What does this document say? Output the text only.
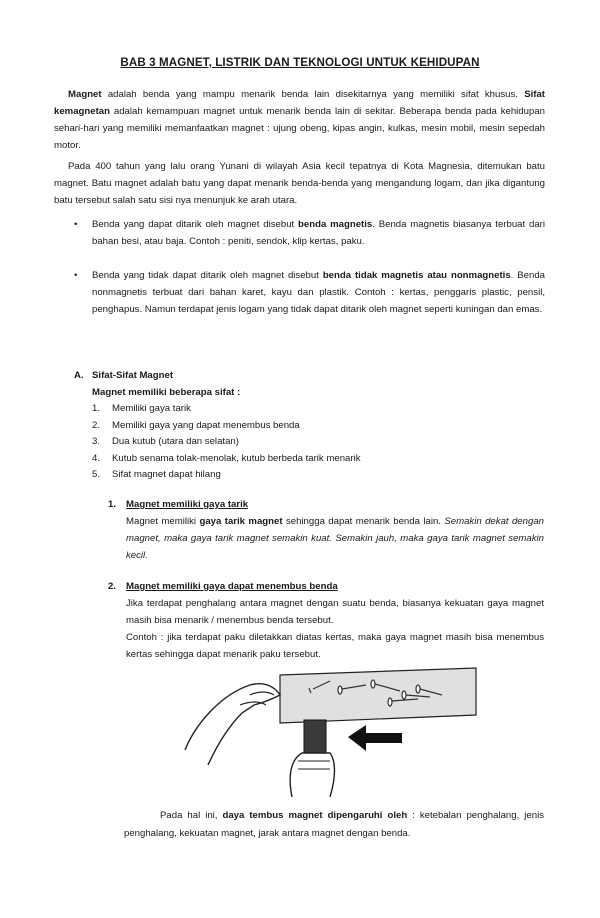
BAB 3 MAGNET, LISTRIK DAN TEKNOLOGI UNTUK KEHIDUPAN

Magnet adalah benda yang mampu menarik benda lain disekitarnya yang memiliki sifat khusus. Sifat kemagnetan adalah kemampuan magnet untuk menarik benda lain di sekitar. Beberapa benda pada kehidupan sehari-hari yang memiliki memanfaatkan magnet : ujung obeng, kipas angin, kulkas, mesin mobil, mesin sepedah motor.

Pada 400 tahun yang lalu orang Yunani di wilayah Asia kecil tepatnya di Kota Magnesia, ditemukan batu magnet. Batu magnet adalah batu yang dapat menarik benda-benda yang mengandung logam, dan jika digantung batu tersebut salah satu sisi nya menunjuk ke arah utara.

• Benda yang dapat ditarik oleh magnet disebut benda magnetis. Benda magnetis biasanya terbuat dari bahan besi, atau baja. Contoh : peniti, sendok, klip kertas, paku.
• Benda yang tidak dapat ditarik oleh magnet disebut benda tidak magnetis atau nonmagnetis. Benda nonmagnetis terbuat dari bahan karet, kayu dan plastik. Contoh : kertas, penggaris plastic, pensil, penghapus. Namun terdapat jenis logam yang tidak dapat ditarik oleh magnet seperti kuningan dan emas.
A. Sifat-Sifat Magnet
Magnet memiliki beberapa sifat :
1. Memiliki gaya tarik
2. Memiliki gaya yang dapat menembus benda
3. Dua kutub (utara dan selatan)
4. Kutub senama tolak-menolak, kutub berbeda tarik menarik
5. Sifat magnet dapat hilang
1. Magnet memiliki gaya tarik
Magnet memiliki gaya tarik magnet sehingga dapat menarik benda lain. Semakin dekat dengan magnet, maka gaya tarik magnet semakin kuat. Semakin jauh, maka gaya tarik magnet semakin kecil.
2. Magnet memiliki gaya dapat menembus benda
Jika terdapat penghalang antara magnet dengan suatu benda, biasanya kekuatan gaya magnet masih bisa menarik / menembus benda tersebut.
Contoh : jika terdapat paku diletakkan diatas kertas, maka gaya magnet masih bisa menembus kertas sehingga dapat menarik paku tersebut.

Pada hal ini, daya tembus magnet dipengaruhi oleh : ketebalan penghalang, jenis penghalang, kekuatan magnet, jarak antara magnet dengan benda.
